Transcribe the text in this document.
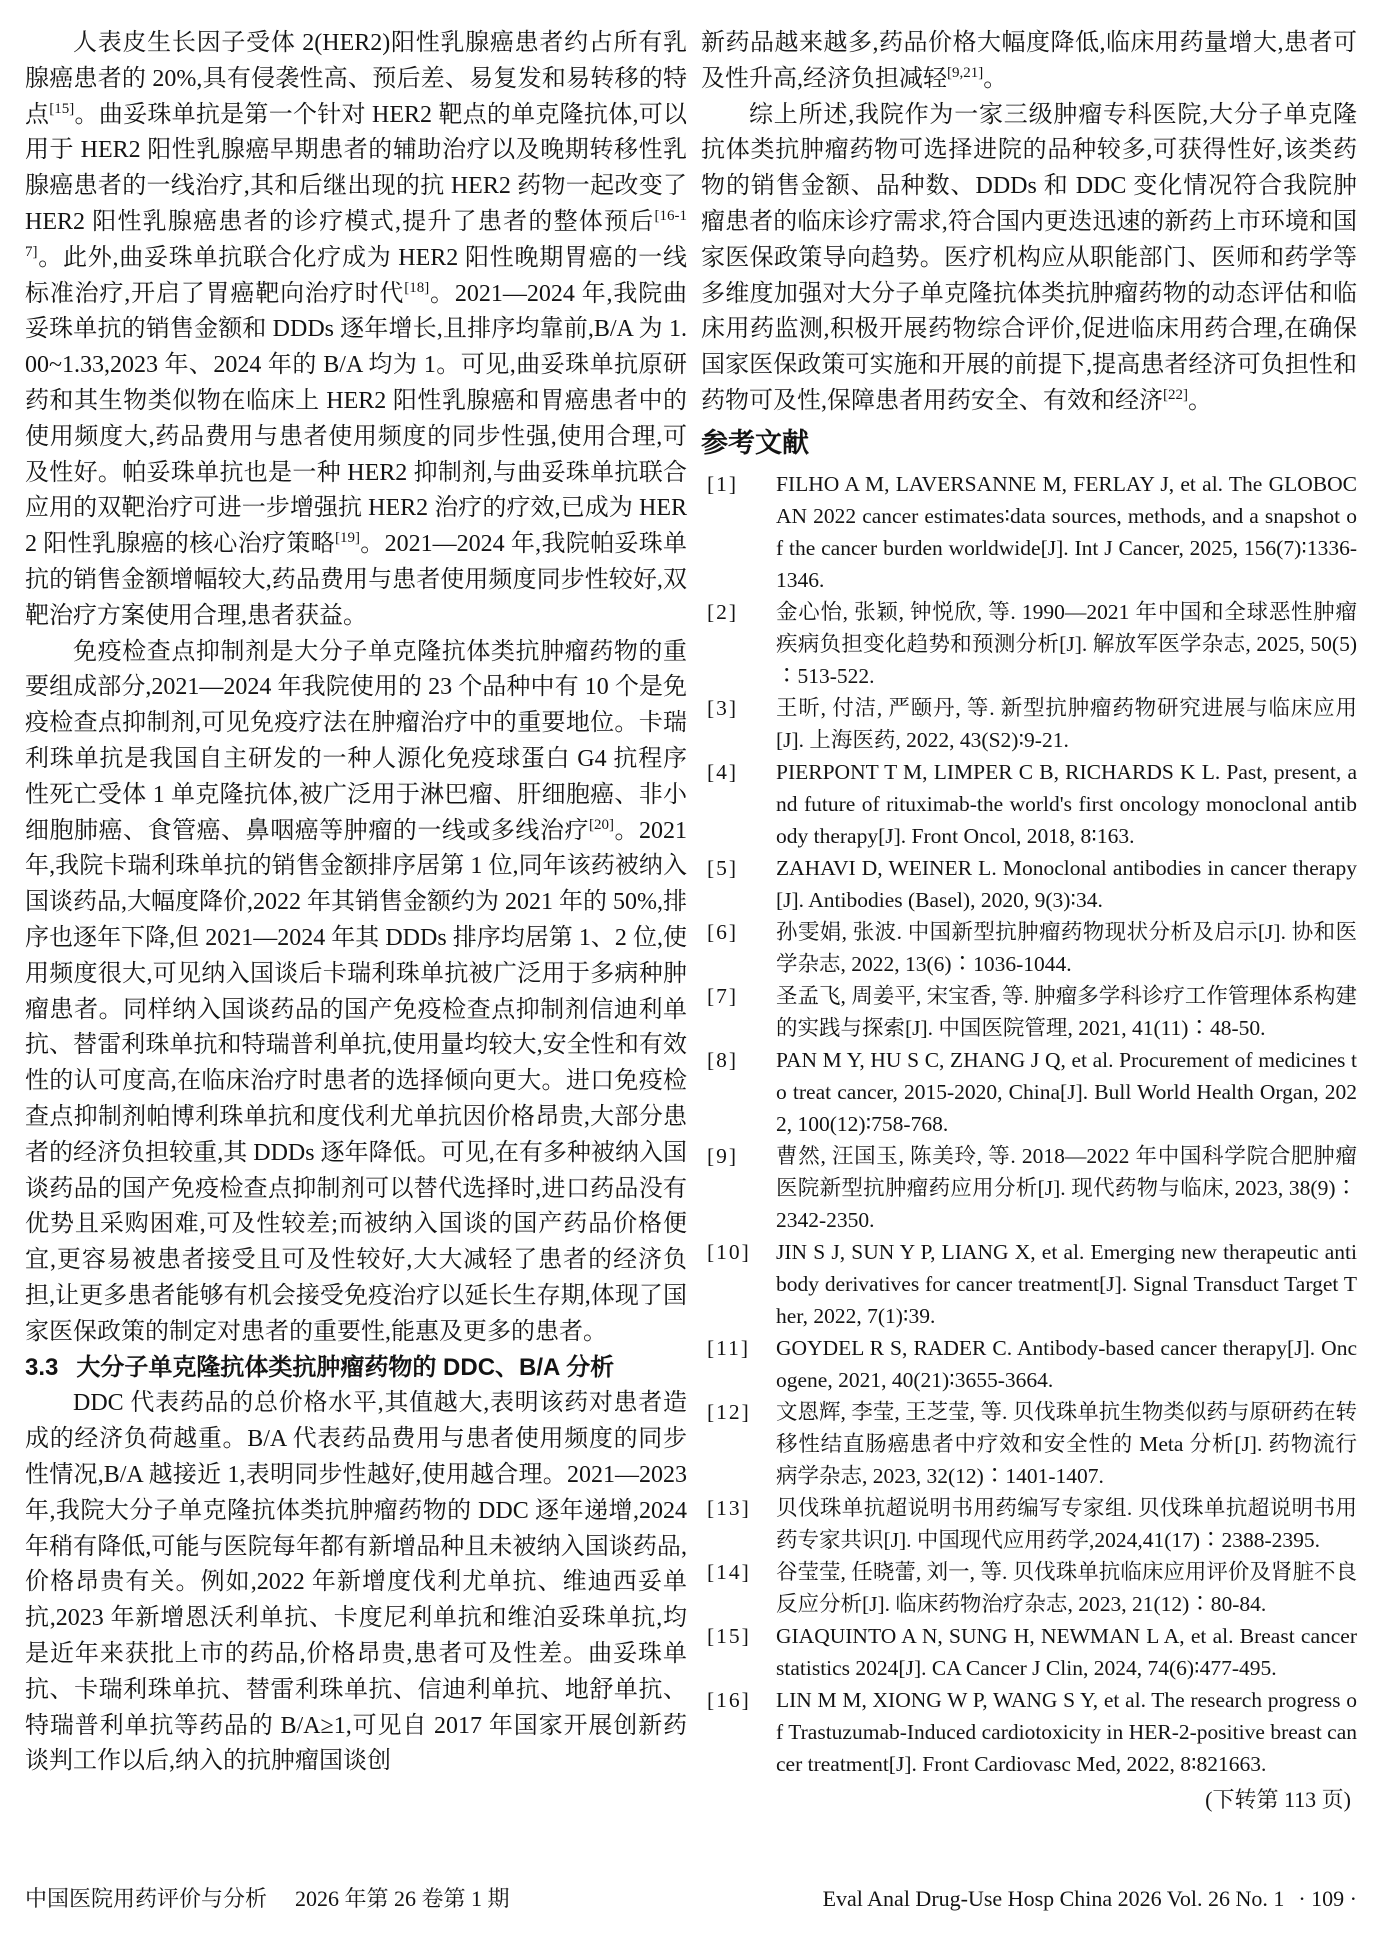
人表皮生长因子受体 2(HER2)阳性乳腺癌患者约占所有乳腺癌患者的 20%,具有侵袭性高、预后差、易复发和易转移的特点[15]。曲妥珠单抗是第一个针对 HER2 靶点的单克隆抗体,可以用于 HER2 阳性乳腺癌早期患者的辅助治疗以及晚期转移性乳腺癌患者的一线治疗,其和后继出现的抗 HER2 药物一起改变了 HER2 阳性乳腺癌患者的诊疗模式,提升了患者的整体预后[16-17]。此外,曲妥珠单抗联合化疗成为 HER2 阳性晚期胃癌的一线标准治疗,开启了胃癌靶向治疗时代[18]。2021—2024 年,我院曲妥珠单抗的销售金额和 DDDs 逐年增长,且排序均靠前,B/A 为 1.00~1.33,2023 年、2024 年的 B/A 均为 1。可见,曲妥珠单抗原研药和其生物类似物在临床上 HER2 阳性乳腺癌和胃癌患者中的使用频度大,药品费用与患者使用频度的同步性强,使用合理,可及性好。帕妥珠单抗也是一种 HER2 抑制剂,与曲妥珠单抗联合应用的双靶治疗可进一步增强抗 HER2 治疗的疗效,已成为 HER2 阳性乳腺癌的核心治疗策略[19]。2021—2024 年,我院帕妥珠单抗的销售金额增幅较大,药品费用与患者使用频度同步性较好,双靶治疗方案使用合理,患者获益。

免疫检查点抑制剂是大分子单克隆抗体类抗肿瘤药物的重要组成部分,2021—2024 年我院使用的 23 个品种中有 10 个是免疫检查点抑制剂,可见免疫疗法在肿瘤治疗中的重要地位。卡瑞利珠单抗是我国自主研发的一种人源化免疫球蛋白 G4 抗程序性死亡受体 1 单克隆抗体,被广泛用于淋巴瘤、肝细胞癌、非小细胞肺癌、食管癌、鼻咽癌等肿瘤的一线或多线治疗[20]。2021 年,我院卡瑞利珠单抗的销售金额排序居第 1 位,同年该药被纳入国谈药品,大幅度降价,2022 年其销售金额约为 2021 年的 50%,排序也逐年下降,但 2021—2024 年其 DDDs 排序均居第 1、2 位,使用频度很大,可见纳入国谈后卡瑞利珠单抗被广泛用于多病种肿瘤患者。同样纳入国谈药品的国产免疫检查点抑制剂信迪利单抗、替雷利珠单抗和特瑞普利单抗,使用量均较大,安全性和有效性的认可度高,在临床治疗时患者的选择倾向更大。进口免疫检查点抑制剂帕博利珠单抗和度伐利尤单抗因价格昂贵,大部分患者的经济负担较重,其 DDDs 逐年降低。可见,在有多种被纳入国谈药品的国产免疫检查点抑制剂可以替代选择时,进口药品没有优势且采购困难,可及性较差;而被纳入国谈的国产药品价格便宜,更容易被患者接受且可及性较好,大大减轻了患者的经济负担,让更多患者能够有机会接受免疫治疗以延长生存期,体现了国家医保政策的制定对患者的重要性,能惠及更多的患者。

3.3 大分子单克隆抗体类抗肿瘤药物的 DDC、B/A 分析

DDC 代表药品的总价格水平,其值越大,表明该药对患者造成的经济负荷越重。B/A 代表药品费用与患者使用频度的同步性情况,B/A 越接近 1,表明同步性越好,使用越合理。2021—2023 年,我院大分子单克隆抗体类抗肿瘤药物的 DDC 逐年递增,2024 年稍有降低,可能与医院每年都有新增品种且未被纳入国谈药品,价格昂贵有关。例如,2022 年新增度伐利尤单抗、维迪西妥单抗,2023 年新增恩沃利单抗、卡度尼利单抗和维泊妥珠单抗,均是近年来获批上市的药品,价格昂贵,患者可及性差。曲妥珠单抗、卡瑞利珠单抗、替雷利珠单抗、信迪利单抗、地舒单抗、特瑞普利单抗等药品的 B/A≥1,可见自 2017 年国家开展创新药谈判工作以后,纳入的抗肿瘤国谈创

新药品越来越多,药品价格大幅度降低,临床用药量增大,患者可及性升高,经济负担减轻[9,21]。

综上所述,我院作为一家三级肿瘤专科医院,大分子单克隆抗体类抗肿瘤药物可选择进院的品种较多,可获得性好,该类药物的销售金额、品种数、DDDs 和 DDC 变化情况符合我院肿瘤患者的临床诊疗需求,符合国内更迭迅速的新药上市环境和国家医保政策导向趋势。医疗机构应从职能部门、医师和药学等多维度加强对大分子单克隆抗体类抗肿瘤药物的动态评估和临床用药监测,积极开展药物综合评价,促进临床用药合理,在确保国家医保政策可实施和开展的前提下,提高患者经济可负担性和药物可及性,保障患者用药安全、有效和经济[22]。

参考文献
[1] FILHO A M, LAVERSANNE M, FERLAY J, et al. The GLOBOCAN 2022 cancer estimates∶data sources, methods, and a snapshot of the cancer burden worldwide[J]. Int J Cancer, 2025, 156(7)∶1336-1346.
[2] 金心怡, 张颖, 钟悦欣, 等. 1990—2021 年中国和全球恶性肿瘤疾病负担变化趋势和预测分析[J]. 解放军医学杂志, 2025, 50(5)∶513-522.
[3] 王昕, 付洁, 严颐丹, 等. 新型抗肿瘤药物研究进展与临床应用[J]. 上海医药, 2022, 43(S2)∶9-21.
[4] PIERPONT T M, LIMPER C B, RICHARDS K L. Past, present, and future of rituximab-the world's first oncology monoclonal antibody therapy[J]. Front Oncol, 2018, 8∶163.
[5] ZAHAVI D, WEINER L. Monoclonal antibodies in cancer therapy[J]. Antibodies (Basel), 2020, 9(3)∶34.
[6] 孙雯娟, 张波. 中国新型抗肿瘤药物现状分析及启示[J]. 协和医学杂志, 2022, 13(6)∶1036-1044.
[7] 圣孟飞, 周姜平, 宋宝香, 等. 肿瘤多学科诊疗工作管理体系构建的实践与探索[J]. 中国医院管理, 2021, 41(11)∶48-50.
[8] PAN M Y, HU S C, ZHANG J Q, et al. Procurement of medicines to treat cancer, 2015-2020, China[J]. Bull World Health Organ, 2022, 100(12)∶758-768.
[9] 曹然, 汪国玉, 陈美玲, 等. 2018—2022 年中国科学院合肥肿瘤医院新型抗肿瘤药应用分析[J]. 现代药物与临床, 2023, 38(9)∶2342-2350.
[10] JIN S J, SUN Y P, LIANG X, et al. Emerging new therapeutic antibody derivatives for cancer treatment[J]. Signal Transduct Target Ther, 2022, 7(1)∶39.
[11] GOYDEL R S, RADER C. Antibody-based cancer therapy[J]. Oncogene, 2021, 40(21)∶3655-3664.
[12] 文恩辉, 李莹, 王芝莹, 等. 贝伐珠单抗生物类似药与原研药在转移性结直肠癌患者中疗效和安全性的 Meta 分析[J]. 药物流行病学杂志, 2023, 32(12)∶1401-1407.
[13] 贝伐珠单抗超说明书用药编写专家组. 贝伐珠单抗超说明书用药专家共识[J]. 中国现代应用药学,2024,41(17)∶2388-2395.
[14] 谷莹莹, 任晓蕾, 刘一, 等. 贝伐珠单抗临床应用评价及肾脏不良反应分析[J]. 临床药物治疗杂志, 2023, 21(12)∶80-84.
[15] GIAQUINTO A N, SUNG H, NEWMAN L A, et al. Breast cancer statistics 2024[J]. CA Cancer J Clin, 2024, 74(6)∶477-495.
[16] LIN M M, XIONG W P, WANG S Y, et al. The research progress of Trastuzumab-Induced cardiotoxicity in HER-2-positive breast cancer treatment[J]. Front Cardiovasc Med, 2022, 8∶821663.
(下转第 113 页)
中国医院用药评价与分析 2026 年第 26 卷第 1 期	Eval Anal Drug-Use Hosp China 2026 Vol. 26 No. 1 · 109 ·
